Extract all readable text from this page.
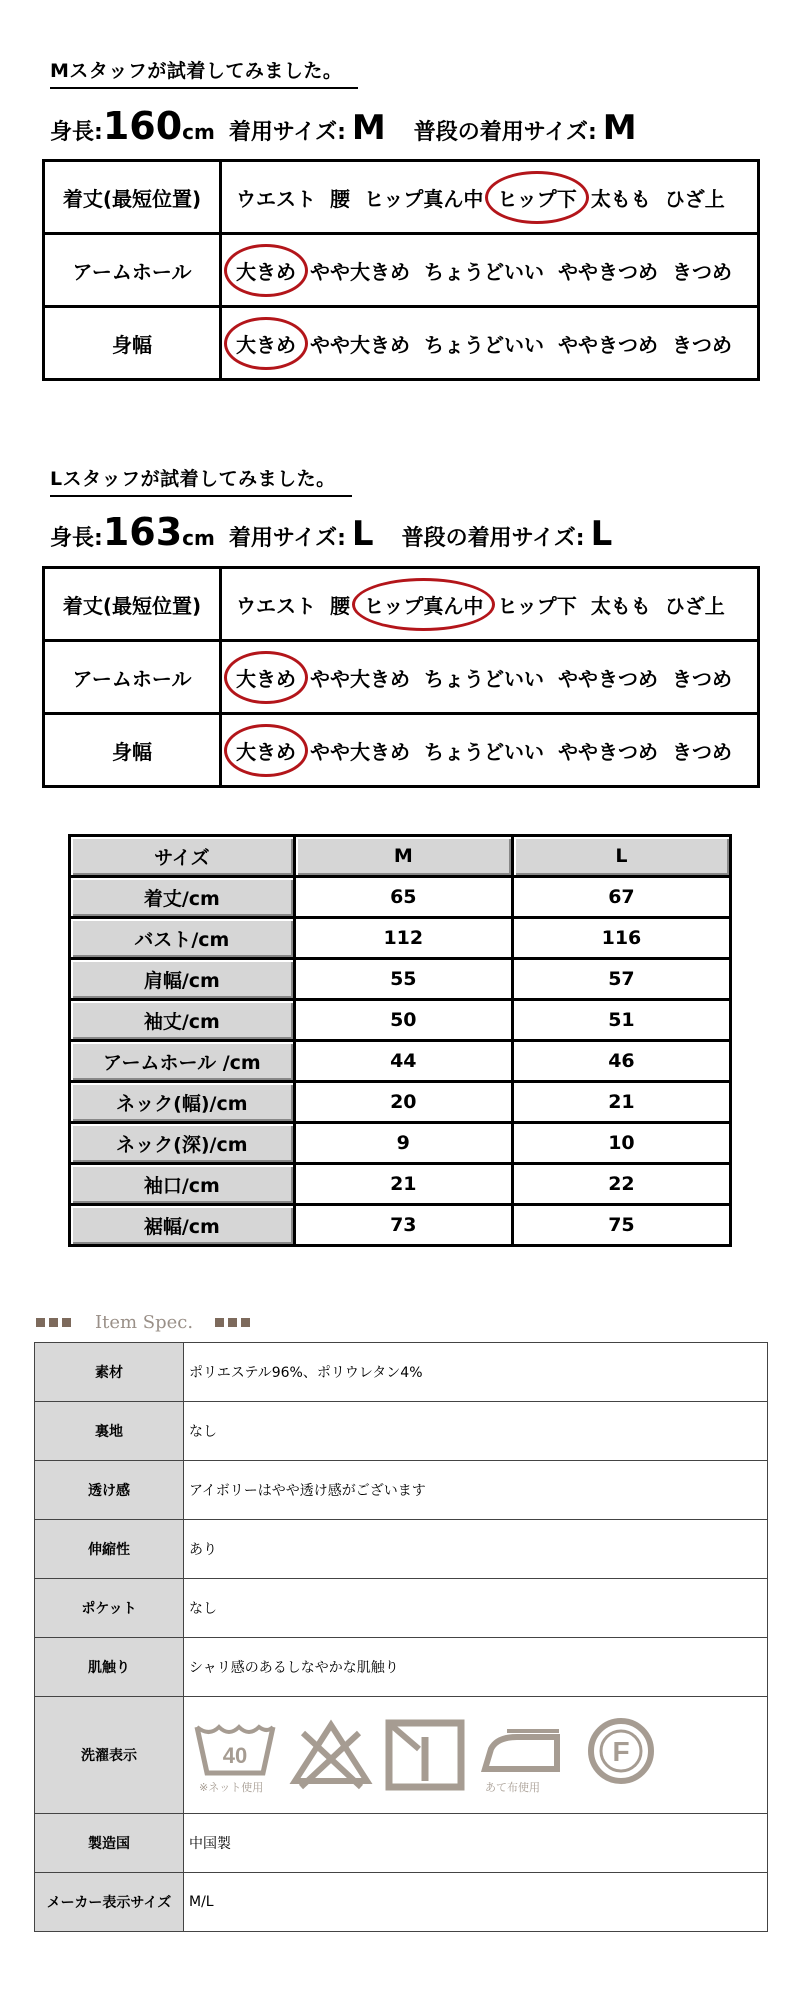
Mスタッフが試着してみました。
身長: 160 cm 着用サイズ: M 普段の着用サイズ: M
着丈(最短位置)	ウエスト 腰 ヒップ真ん中 ヒップ下 太もも ひざ上
アームホール	大きめ やや大きめ ちょうどいい ややきつめ きつめ
身幅	大きめ やや大きめ ちょうどいい ややきつめ きつめ
Lスタッフが試着してみました。
身長: 163 cm 着用サイズ: L 普段の着用サイズ: L
着丈(最短位置)	ウエスト 腰 ヒップ真ん中 ヒップ下 太もも ひざ上
アームホール	大きめ やや大きめ ちょうどいい ややきつめ きつめ
身幅	大きめ やや大きめ ちょうどいい ややきつめ きつめ
サイズ	M	L
着丈/cm	65	67
バスト/cm	112	116
肩幅/cm	55	57
袖丈/cm	50	51
アームホール /cm	44	46
ネック(幅)/cm	20	21
ネック(深)/cm	9	10
袖口/cm	21	22
裾幅/cm	73	75
Item Spec.
素材	ポリエステル96%、ポリウレタン4%
裏地	なし
透け感	アイボリーはやや透け感がございます
伸縮性	あり
ポケット	なし
肌触り	シャリ感のあるしなやかな肌触り
洗濯表示	40
※ネット使用 あて布使用
F

製造国	中国製
メーカー表示サイズ	M/L
